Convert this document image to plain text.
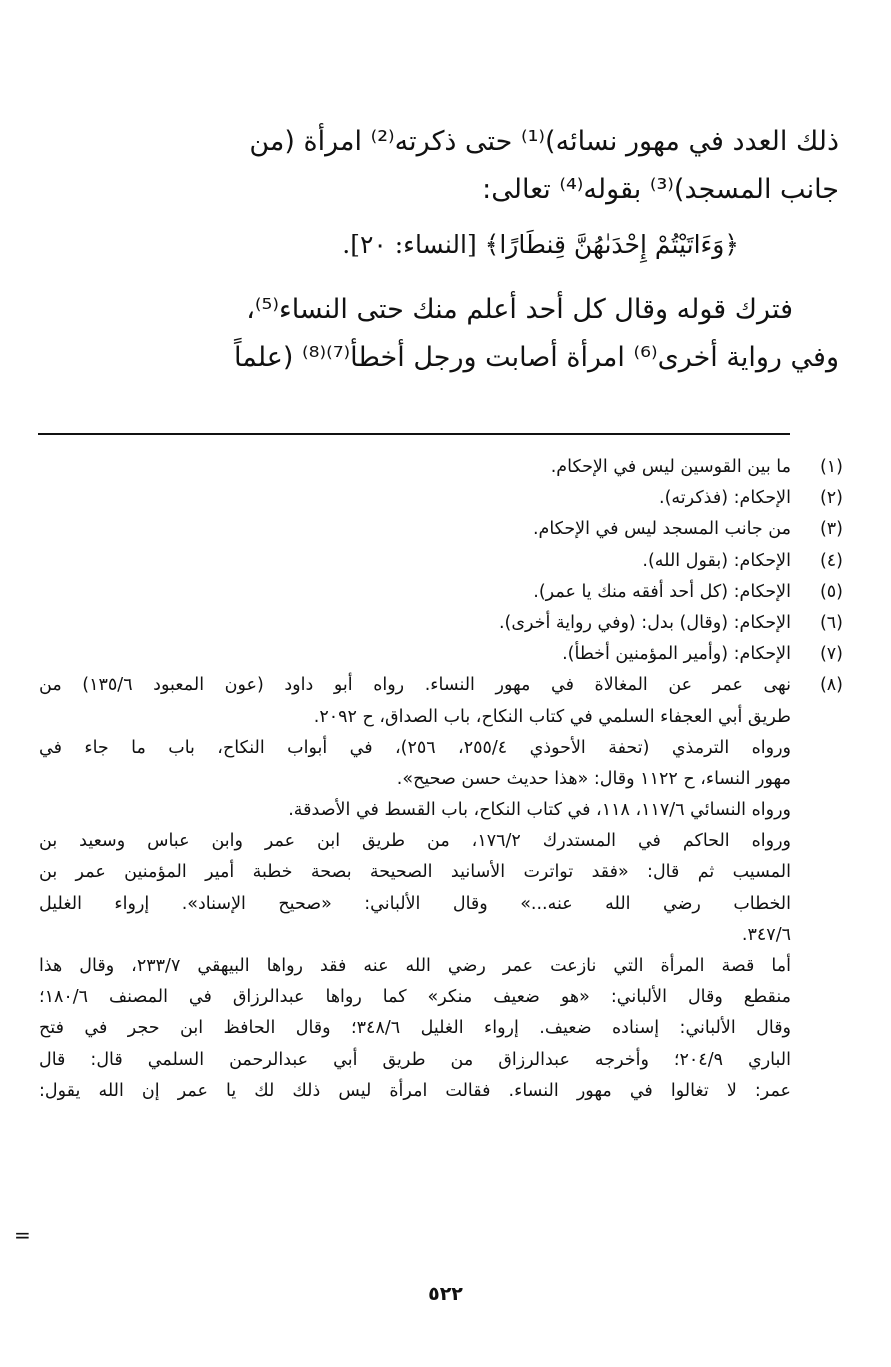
ذلك العدد في مهور نسائه)⁽¹⁾ حتى ذكرته⁽²⁾ امرأة (من
جانب المسجد)⁽³⁾ بقوله⁽⁴⁾ تعالى:
﴿وَءَاتَيْتُمْ إِحْدَىٰهُنَّ قِنطَارًا﴾ [النساء: ٢٠].
فترك قوله وقال كل أحد أعلم منك حتى النساء⁽⁵⁾،
وفي رواية أخرى⁽⁶⁾ امرأة أصابت ورجل أخطأ⁽⁷⁾⁽⁸⁾ (علماً
(١)
ما بين القوسين ليس في الإحكام.
(٢)
الإحكام: (فذكرته).
(٣)
من جانب المسجد ليس في الإحكام.
(٤)
الإحكام: (بقول الله).
(٥)
الإحكام: (كل أحد أفقه منك يا عمر).
(٦)
الإحكام: (وقال) بدل: (وفي رواية أخرى).
(٧)
الإحكام: (وأمير المؤمنين أخطأ).
(٨)
نهى عمر عن المغالاة في مهور النساء. رواه أبو داود (عون المعبود ١٣٥/٦) من
طريق أبي العجفاء السلمي في كتاب النكاح، باب الصداق، ح ٢٠٩٢.
ورواه الترمذي (تحفة الأحوذي ٢٥٥/٤، ٢٥٦)، في أبواب النكاح، باب ما جاء في
مهور النساء، ح ١١٢٢ وقال: «هذا حديث حسن صحيح».
ورواه النسائي ١١٧/٦، ١١٨، في كتاب النكاح، باب القسط في الأصدقة.
ورواه الحاكم في المستدرك ١٧٦/٢، من طريق ابن عمر وابن عباس وسعيد بن
المسيب ثم قال: «فقد تواترت الأسانيد الصحيحة بصحة خطبة أمير المؤمنين عمر بن
الخطاب رضي الله عنه...» وقال الألباني: «صحيح الإسناد». إرواء الغليل
٣٤٧/٦.
أما قصة المرأة التي نازعت عمر رضي الله عنه فقد رواها البيهقي ٢٣٣/٧، وقال هذا
منقطع وقال الألباني: «هو ضعيف منكر» كما رواها عبدالرزاق في المصنف ١٨٠/٦؛
وقال الألباني: إسناده ضعيف. إرواء الغليل ٣٤٨/٦؛ وقال الحافظ ابن حجر في فتح
الباري ٢٠٤/٩؛ وأخرجه عبدالرزاق من طريق أبي عبدالرحمن السلمي قال: قال
عمر: لا تغالوا في مهور النساء. فقالت امرأة ليس ذلك لك يا عمر إن الله يقول:
=
٥٢٢
